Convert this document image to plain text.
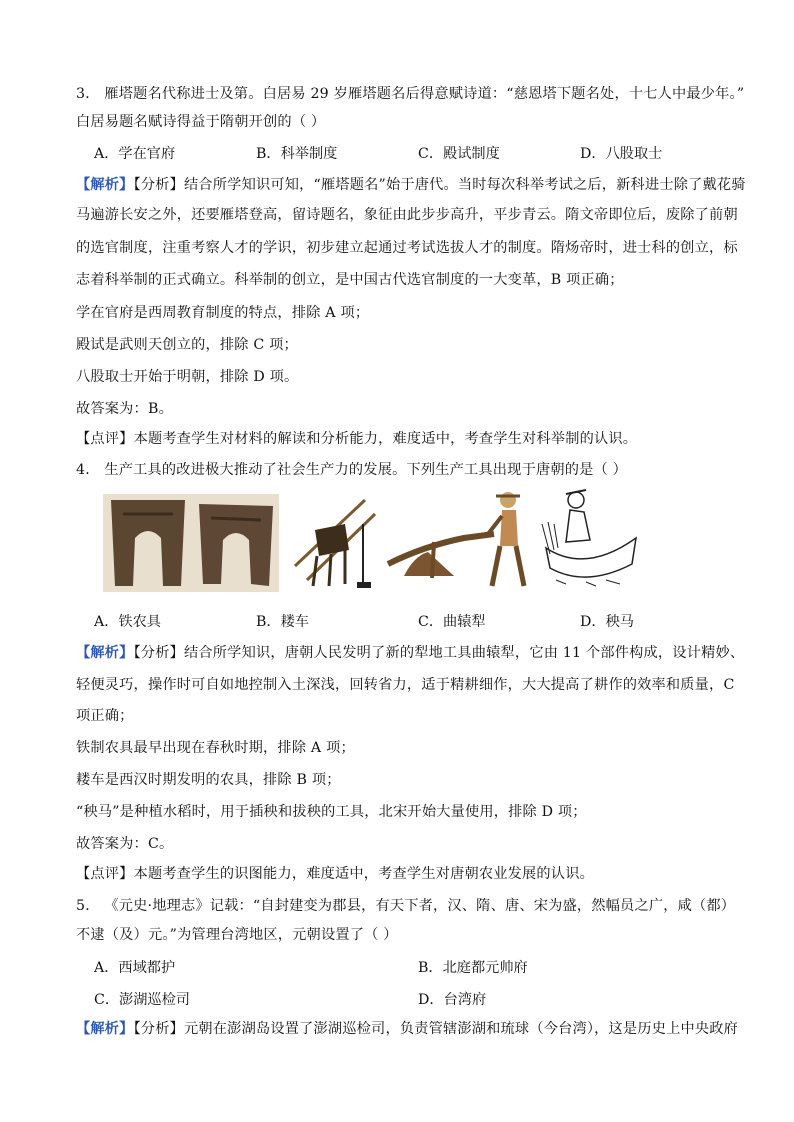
3． 雁塔题名代称进士及第。白居易 29 岁雁塔题名后得意赋诗道：“慈恩塔下题名处，十七人中最少年。”
白居易题名赋诗得益于隋朝开创的（ ）
A．学在官府	B．科举制度	C．殿试制度	D．八股取士
【解析】【分析】结合所学知识可知，“雁塔题名”始于唐代。当时每次科举考试之后，新科进士除了戴花骑
马遍游长安之外，还要雁塔登高，留诗题名，象征由此步步高升，平步青云。隋文帝即位后，废除了前朝
的选官制度，注重考察人才的学识，初步建立起通过考试选拔人才的制度。隋炀帝时，进士科的创立，标
志着科举制的正式确立。科举制的创立，是中国古代选官制度的一大变革，B 项正确；
学在官府是西周教育制度的特点，排除 A 项；
殿试是武则天创立的，排除 C 项；
八股取士开始于明朝，排除 D 项。
故答案为：B。
【点评】本题考查学生对材料的解读和分析能力，难度适中，考查学生对科举制的认识。
4． 生产工具的改进极大推动了社会生产力的发展。下列生产工具出现于唐朝的是（ ）
A．铁农具	B．耧车	C．曲辕犁	D．秧马
【解析】【分析】结合所学知识，唐朝人民发明了新的犁地工具曲辕犁，它由 11 个部件构成，设计精妙、
轻便灵巧，操作时可自如地控制入土深浅，回转省力，适于精耕细作，大大提高了耕作的效率和质量，C
项正确；
铁制农具最早出现在春秋时期，排除 A 项；
耧车是西汉时期发明的农具，排除 B 项；
“秧马”是种植水稻时，用于插秧和拔秧的工具，北宋开始大量使用，排除 D 项；
故答案为：C。
【点评】本题考查学生的识图能力，难度适中，考查学生对唐朝农业发展的认识。
5． 《元史·地理志》记载：“自封建变为郡县，有天下者，汉、隋、唐、宋为盛，然幅员之广，咸（都）
不逮（及）元。”为管理台湾地区，元朝设置了（ ）
A．西域都护	B．北庭都元帅府
C．澎湖巡检司	D．台湾府
【解析】【分析】元朝在澎湖岛设置了澎湖巡检司，负责管辖澎湖和琉球（今台湾），这是历史上中央政府
